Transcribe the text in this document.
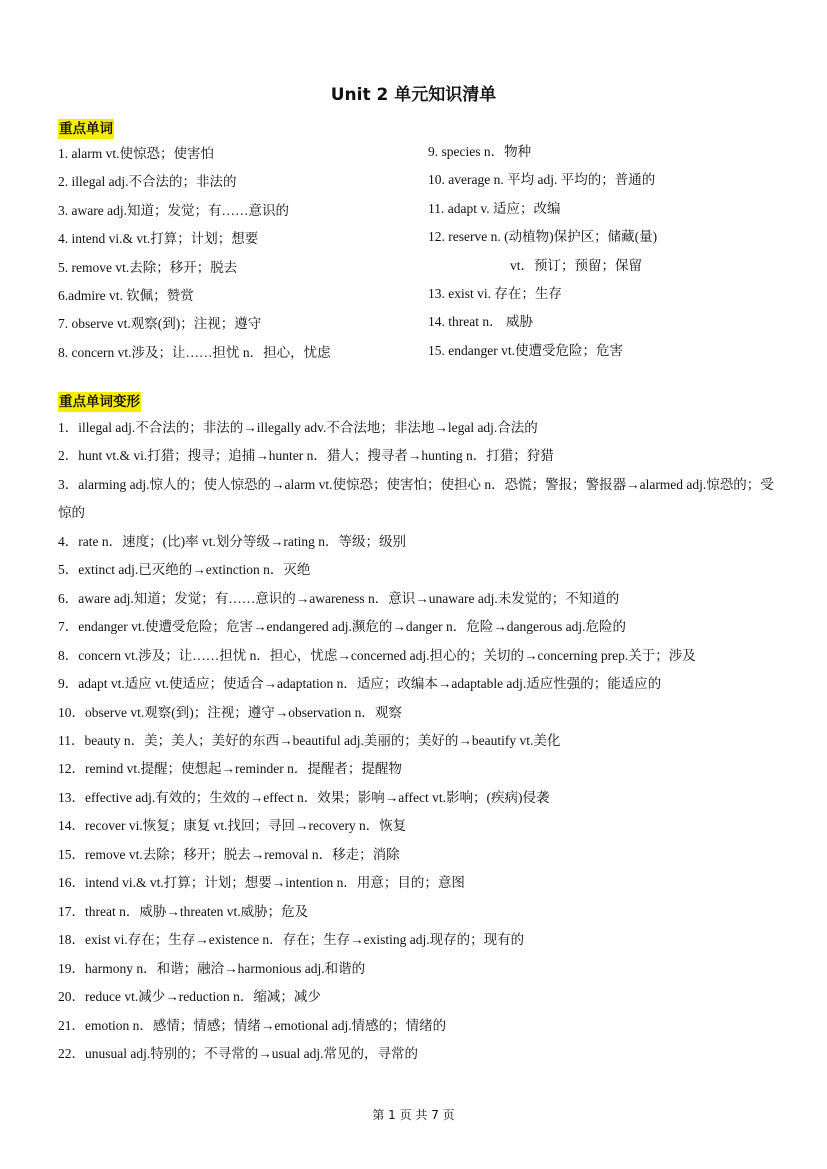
Unit 2 单元知识清单
重点单词
1. alarm vt.使惊恐；使害怕
2. illegal adj.不合法的；非法的
3. aware adj.知道；发觉；有……意识的
4. intend vi.& vt.打算；计划；想要
5. remove vt.去除；移开；脱去
6.admire vt. 钦佩；赞赏
7. observe vt.观察(到)；注视；遵守
8. concern vt.涉及；让……担忧 n．担心，忧虑
9. species n．物种
10. average n. 平均 adj. 平均的；普通的
11. adapt v. 适应；改编
12. reserve n. (动植物)保护区；储藏(量)
vt．预订；预留；保留
13. exist vi. 存在；生存
14. threat n． 威胁
15. endanger vt.使遭受危险；危害
重点单词变形
1．illegal adj.不合法的；非法的→illegally adv.不合法地；非法地→legal adj.合法的
2．hunt vt.& vi.打猎；搜寻；追捕→hunter n．猎人；搜寻者→hunting n．打猎；狩猎
3．alarming adj.惊人的；使人惊恐的→alarm vt.使惊恐；使害怕；使担心 n．恐慌；警报；警报器→alarmed adj.惊恐的；受惊的
4．rate n．速度；(比)率 vt.划分等级→rating n．等级；级别
5．extinct adj.已灭绝的→extinction n．灭绝
6．aware adj.知道；发觉；有……意识的→awareness n．意识→unaware adj.未发觉的；不知道的
7．endanger vt.使遭受危险；危害→endangered adj.濒危的→danger n．危险→dangerous adj.危险的
8．concern vt.涉及；让……担忧 n．担心，忧虑→concerned adj.担心的；关切的→concerning prep.关于；涉及
9．adapt vt.适应 vt.使适应；使适合→adaptation n．适应；改编本→adaptable adj.适应性强的；能适应的
10．observe vt.观察(到)；注视；遵守→observation n．观察
11．beauty n．美；美人；美好的东西→beautiful adj.美丽的；美好的→beautify vt.美化
12．remind vt.提醒；使想起→reminder n．提醒者；提醒物
13．effective adj.有效的；生效的→effect n．效果；影响→affect vt.影响；(疾病)侵袭
14．recover vi.恢复；康复 vt.找回；寻回→recovery n．恢复
15．remove vt.去除；移开；脱去→removal n．移走；消除
16．intend vi.& vt.打算；计划；想要→intention n．用意；目的；意图
17．threat n．威胁→threaten vt.威胁；危及
18．exist vi.存在；生存→existence n．存在；生存→existing adj.现存的；现有的
19．harmony n．和谐；融洽→harmonious adj.和谐的
20．reduce vt.减少→reduction n．缩减；减少
21．emotion n．感情；情感；情绪→emotional adj.情感的；情绪的
22．unusual adj.特别的；不寻常的→usual adj.常见的，寻常的
第 1 页 共 7 页
